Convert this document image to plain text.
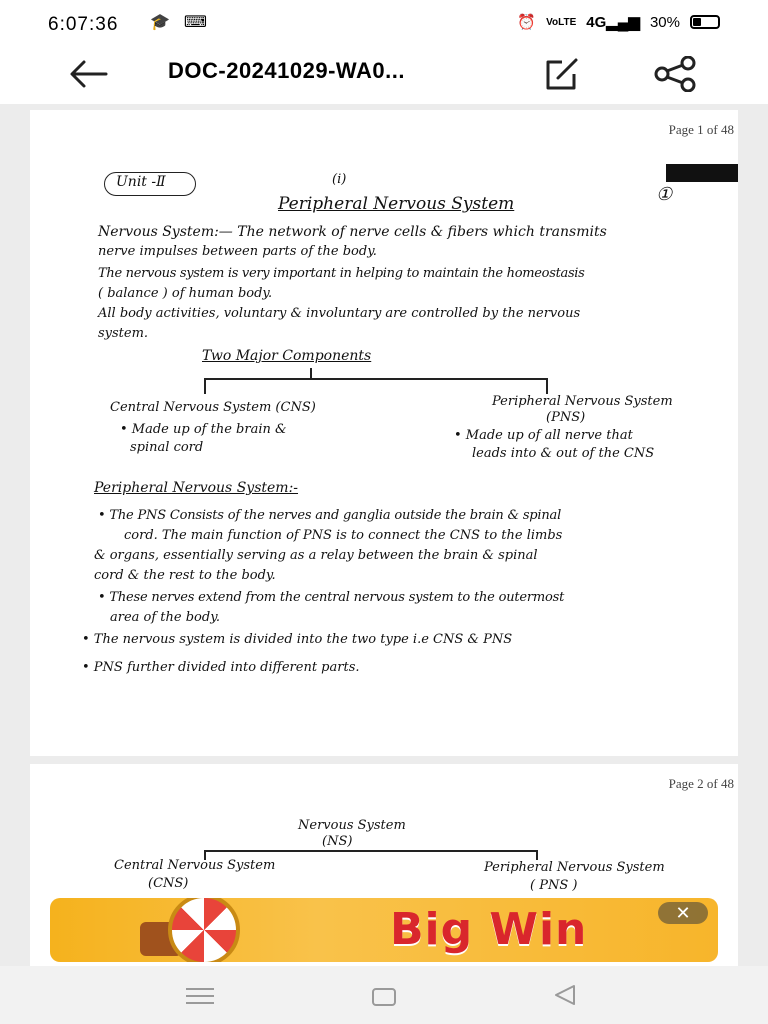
6:07:36 🎓 ⌨	⏰ VoLTE 4G▂▄▆ 30%
DOC-20241029-WA0...
Page 1 of 48
Unit -Ⅱ	(i)
Peripheral Nervous System	①
Nervous System:— The network of nerve cells & fibers which transmits
nerve impulses between parts of the body.
The nervous system is very important in helping to maintain the homeostasis
( balance ) of human body.
All body activities, voluntary & involuntary are controlled by the nervous
system.
Two Major Components
Central Nervous System (CNS)
• Made up of the brain &
spinal cord
Peripheral Nervous System
(PNS)
• Made up of all nerve that
leads into & out of the CNS
Peripheral Nervous System:-
• The PNS Consists of the nerves and ganglia outside the brain & spinal
cord. The main function of PNS is to connect the CNS to the limbs
& organs, essentially serving as a relay between the brain & spinal
cord & the rest to the body.
• These nerves extend from the central nervous system to the outermost
area of the body.
• The nervous system is divided into the two type i.e CNS & PNS
• PNS further divided into different parts.
Page 2 of 48
Nervous System
(NS)
Central Nervous System
(CNS)
Peripheral Nervous System
( PNS )
Big Win	✕
